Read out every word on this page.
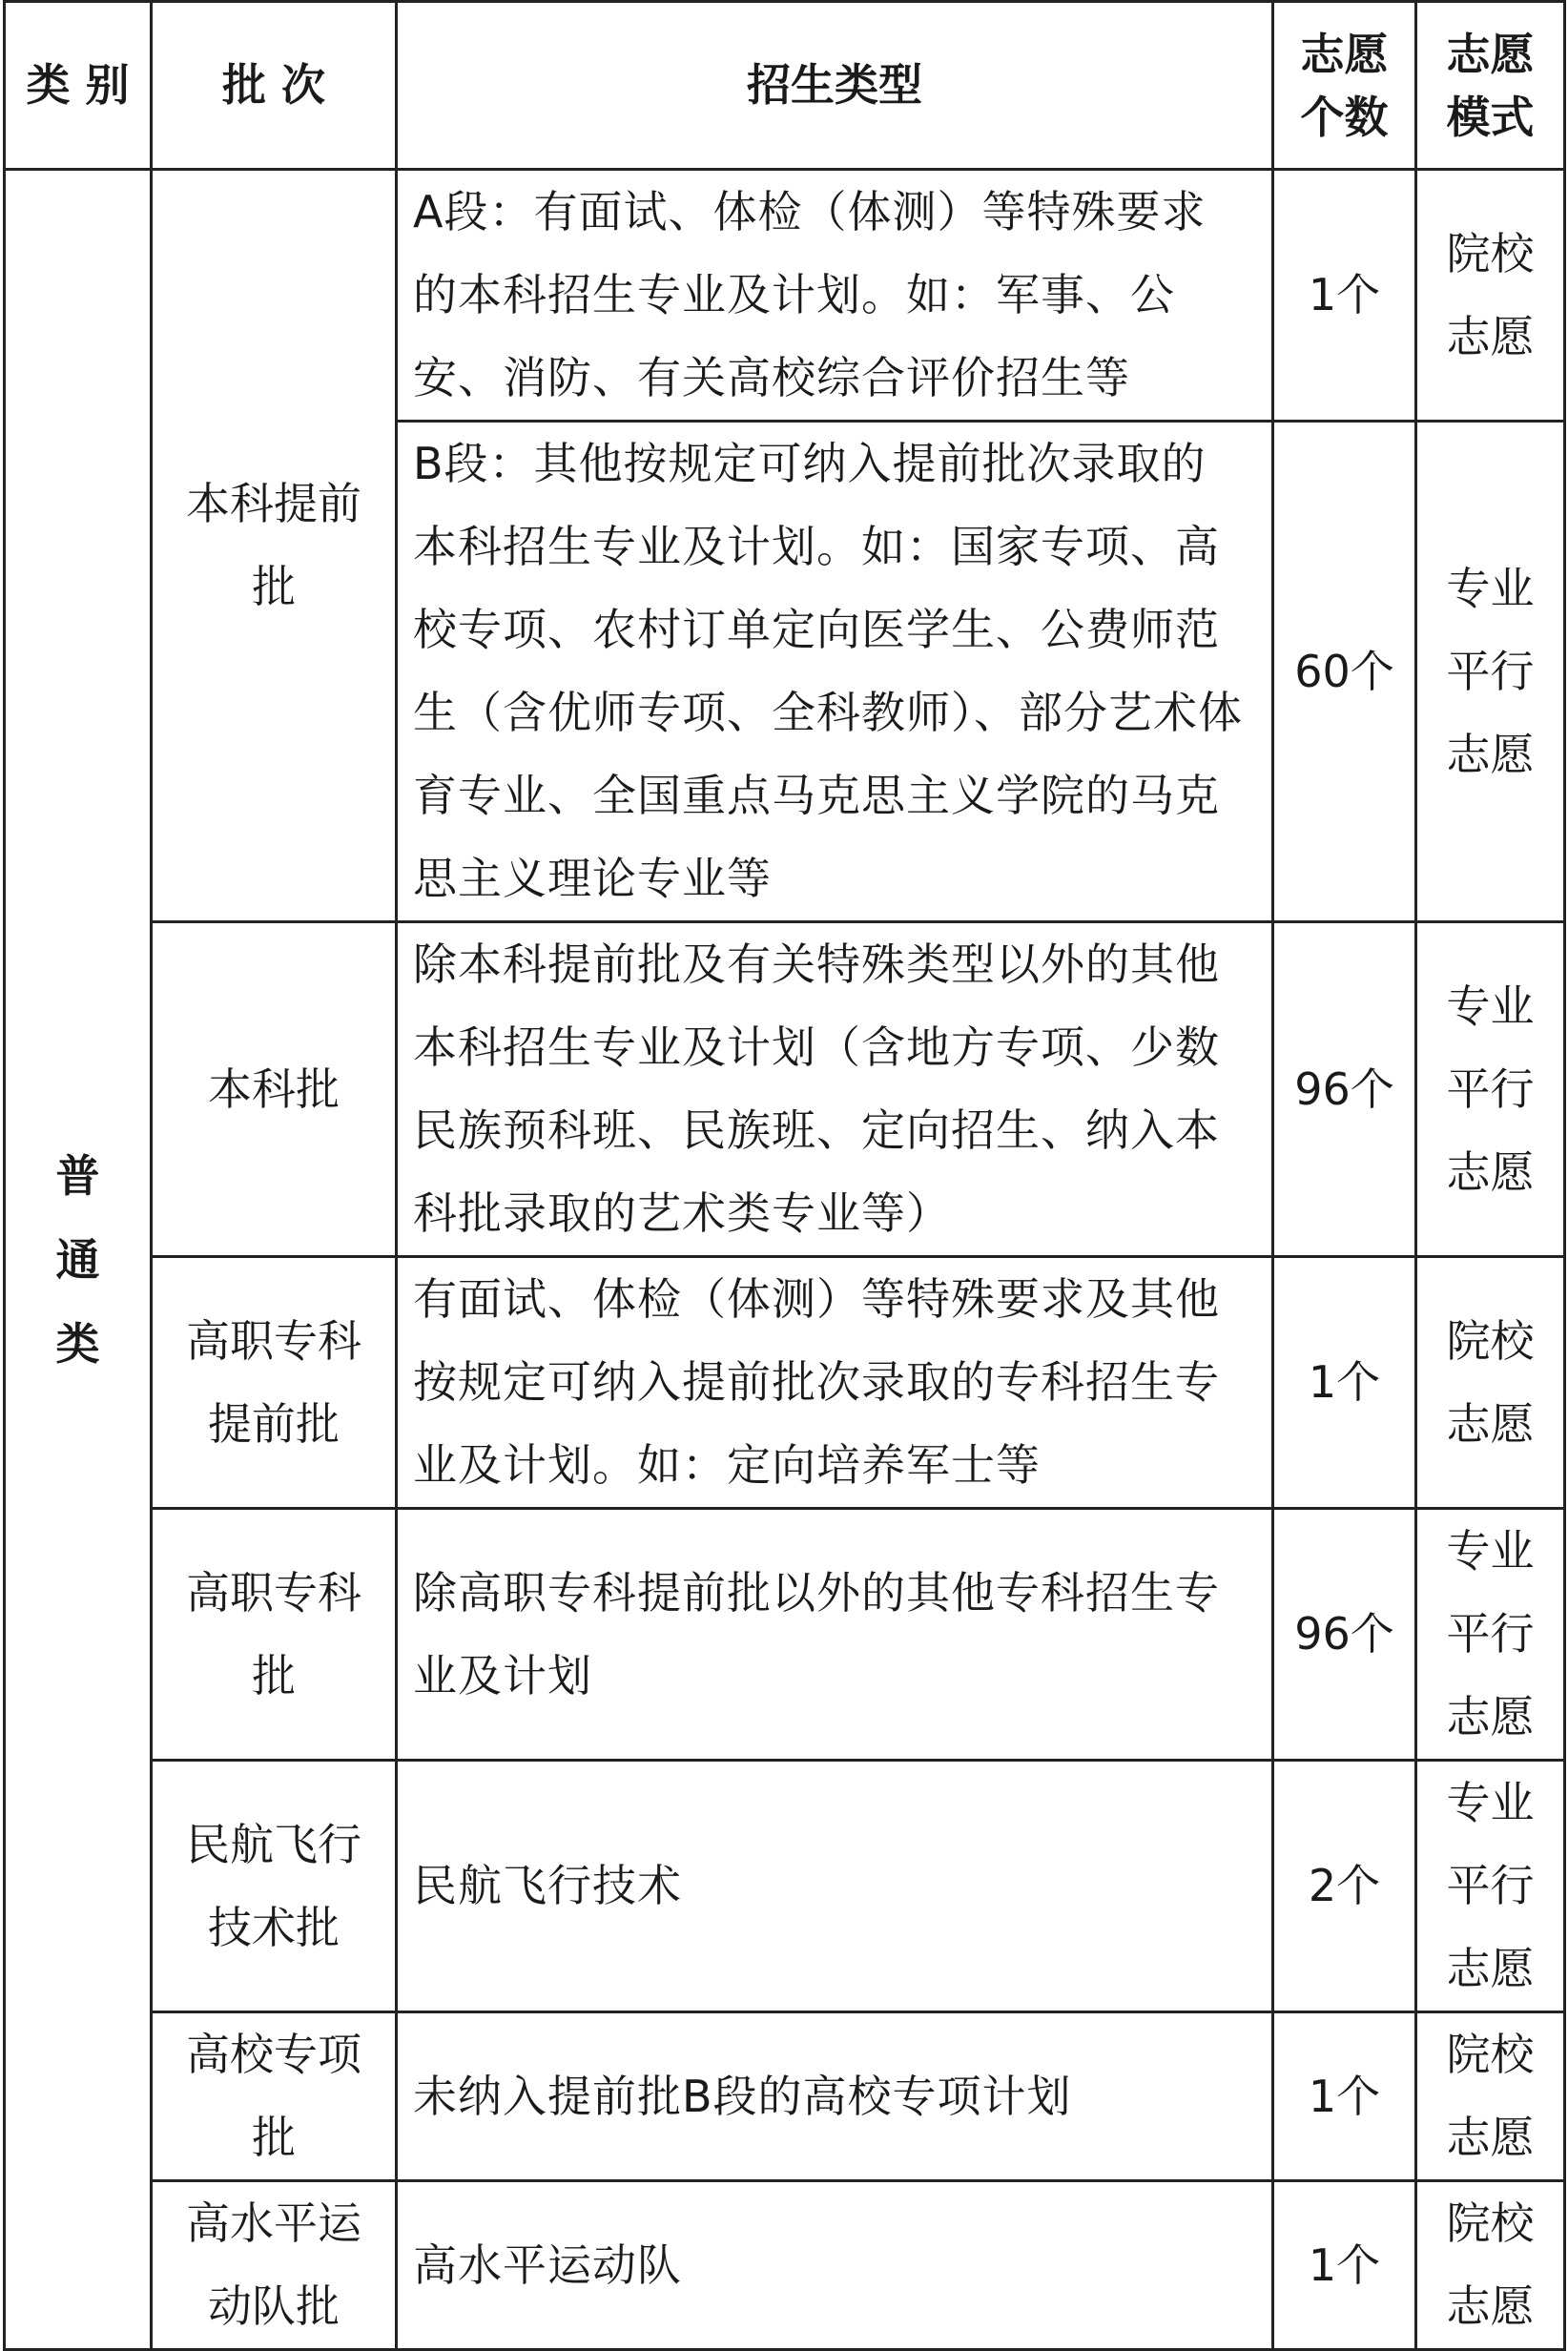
类 别	批 次	招生类型	志愿个数	志愿模式

普通类	本科提前批	A段：有面试、体检（体测）等特殊要求的本科招生专业及计划。如：军事、公安、消防、有关高校综合评价招生等	1个	院校志愿

		B段：其他按规定可纳入提前批次录取的本科招生专业及计划。如：国家专项、高校专项、农村订单定向医学生、公费师范生（含优师专项、全科教师）、部分艺术体育专业、全国重点马克思主义学院的马克思主义理论专业等	60个	专业平行志愿

	本科批	除本科提前批及有关特殊类型以外的其他本科招生专业及计划（含地方专项、少数民族预科班、民族班、定向招生、纳入本科批录取的艺术类专业等）	96个	专业平行志愿

	高职专科提前批	有面试、体检（体测）等特殊要求及其他按规定可纳入提前批次录取的专科招生专业及计划。如：定向培养军士等	1个	院校志愿

	高职专科批	除高职专科提前批以外的其他专科招生专业及计划	96个	专业平行志愿

	民航飞行技术批	民航飞行技术	2个	专业平行志愿

	高校专项批	未纳入提前批B段的高校专项计划	1个	院校志愿

	高水平运动队批	高水平运动队	1个	院校志愿
